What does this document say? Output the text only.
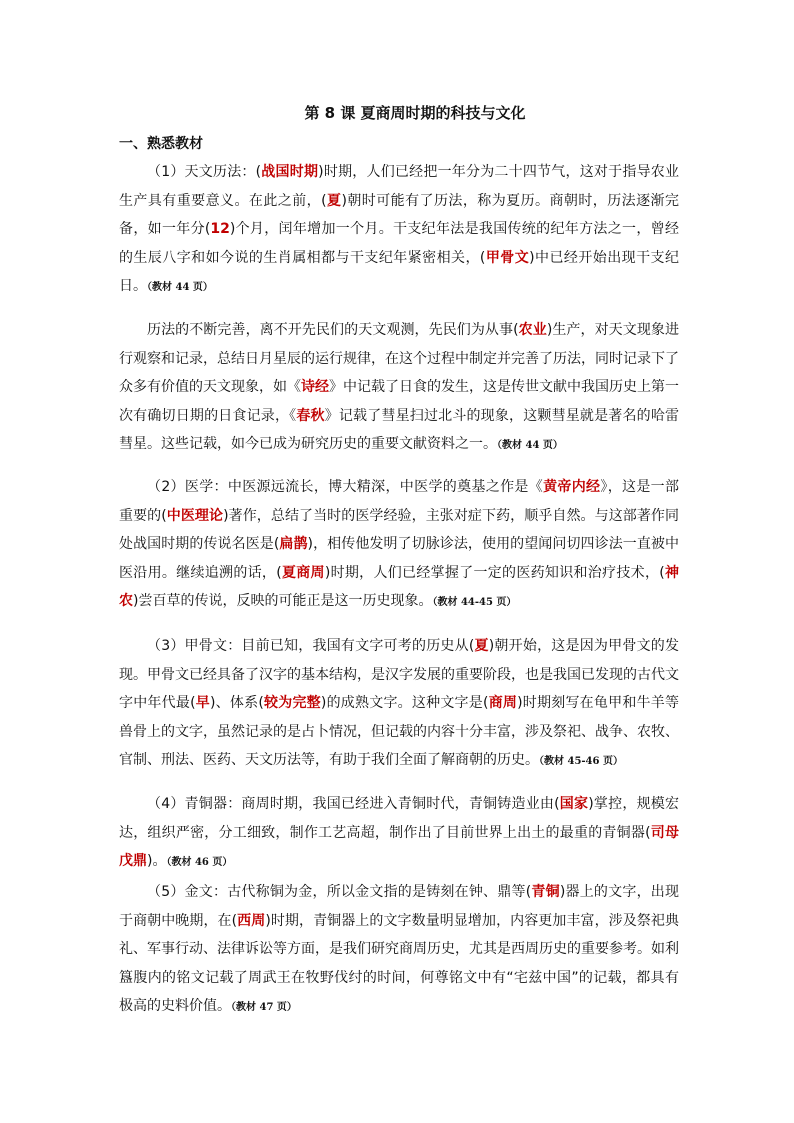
第 8 课 夏商周时期的科技与文化
一、熟悉教材

（1）天文历法：(战国时期)时期，人们已经把一年分为二十四节气，这对于指导农业生产具有重要意义。在此之前，(夏)朝时可能有了历法，称为夏历。商朝时，历法逐渐完备，如一年分(12)个月，闰年增加一个月。干支纪年法是我国传统的纪年方法之一，曾经的生辰八字和如今说的生肖属相都与干支纪年紧密相关，(甲骨文)中已经开始出现干支纪日。（教材 44 页）

历法的不断完善，离不开先民们的天文观测，先民们为从事(农业)生产，对天文现象进行观察和记录，总结日月星辰的运行规律，在这个过程中制定并完善了历法，同时记录下了众多有价值的天文现象，如《诗经》中记载了日食的发生，这是传世文献中我国历史上第一次有确切日期的日食记录，《春秋》记载了彗星扫过北斗的现象，这颗彗星就是著名的哈雷彗星。这些记载，如今已成为研究历史的重要文献资料之一。（教材 44 页）

（2）医学：中医源远流长，博大精深，中医学的奠基之作是《黄帝内经》，这是一部重要的(中医理论)著作，总结了当时的医学经验，主张对症下药，顺乎自然。与这部著作同处战国时期的传说名医是(扁鹊)，相传他发明了切脉诊法，使用的望闻问切四诊法一直被中医沿用。继续追溯的话，(夏商周)时期，人们已经掌握了一定的医药知识和治疗技术，(神农)尝百草的传说，反映的可能正是这一历史现象。（教材 44-45 页）

（3）甲骨文：目前已知，我国有文字可考的历史从(夏)朝开始，这是因为甲骨文的发现。甲骨文已经具备了汉字的基本结构，是汉字发展的重要阶段，也是我国已发现的古代文字中年代最(早)、体系(较为完整)的成熟文字。这种文字是(商周)时期刻写在龟甲和牛羊等兽骨上的文字，虽然记录的是占卜情况，但记载的内容十分丰富，涉及祭祀、战争、农牧、官制、刑法、医药、天文历法等，有助于我们全面了解商朝的历史。（教材 45-46 页）

（4）青铜器：商周时期，我国已经进入青铜时代，青铜铸造业由(国家)掌控，规模宏达，组织严密，分工细致，制作工艺高超，制作出了目前世界上出土的最重的青铜器(司母戊鼎)。（教材 46 页）

（5）金文：古代称铜为金，所以金文指的是铸刻在钟、鼎等(青铜)器上的文字，出现于商朝中晚期，在(西周)时期，青铜器上的文字数量明显增加，内容更加丰富，涉及祭祀典礼、军事行动、法律诉讼等方面，是我们研究商周历史，尤其是西周历史的重要参考。如利簋腹内的铭文记载了周武王在牧野伐纣的时间，何尊铭文中有“宅兹中国”的记载，都具有极高的史料价值。（教材 47 页）
